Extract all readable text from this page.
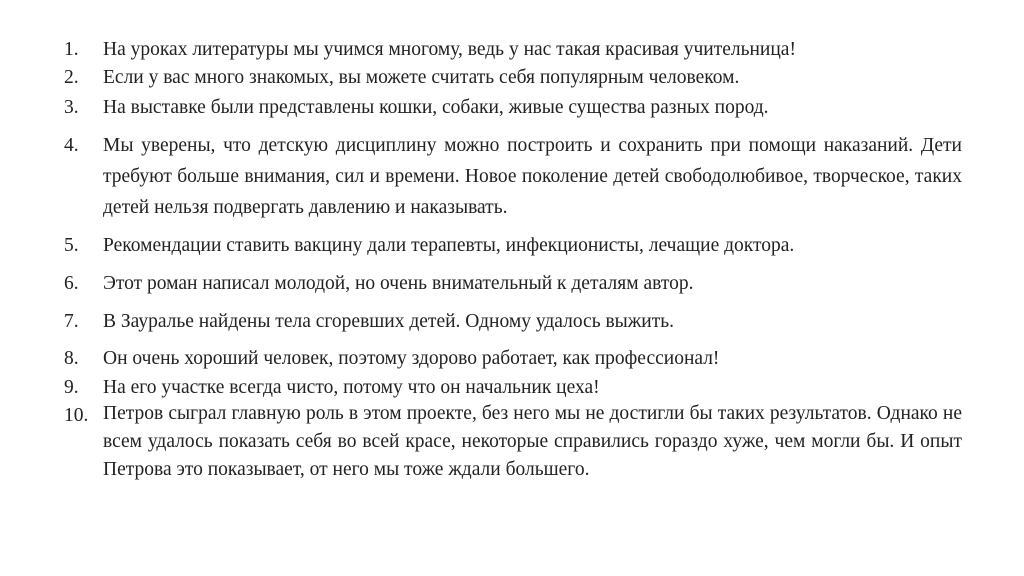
1.	На уроках литературы мы учимся многому, ведь у нас такая красивая учительница!
2.	Если у вас много знакомых, вы можете считать себя популярным человеком.
3.	На выставке были представлены кошки, собаки, живые существа разных пород.
4.	Мы уверены, что детскую дисциплину можно построить и сохранить при помощи наказаний. Дети требуют больше внимания, сил и времени. Новое поколение детей свободолюбивое, творческое, таких детей нельзя подвергать давлению и наказывать.
5.	Рекомендации ставить вакцину дали терапевты, инфекционисты, лечащие доктора.
6.	Этот роман написал молодой, но очень внимательный к деталям автор.
7.	В Зауралье найдены тела сгоревших детей. Одному удалось выжить.
8.	Он очень хороший человек, поэтому здорово работает, как профессионал!
9.	На его участке всегда чисто, потому что он начальник цеха!
10. Петров сыграл главную роль в этом проекте, без него мы не достигли бы таких результатов. Однако не всем удалось показать себя во всей красе, некоторые справились гораздо хуже, чем могли бы. И опыт Петрова это показывает, от него мы тоже ждали большего.
